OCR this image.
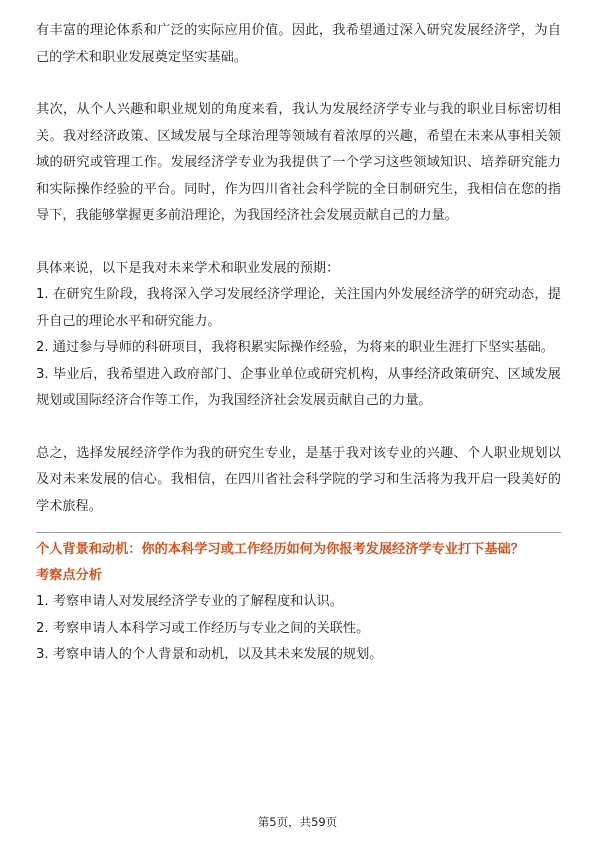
有丰富的理论体系和广泛的实际应用价值。因此，我希望通过深入研究发展经济学，为自己的学术和职业发展奠定坚实基础。

其次，从个人兴趣和职业规划的角度来看，我认为发展经济学专业与我的职业目标密切相关。我对经济政策、区域发展与全球治理等领域有着浓厚的兴趣，希望在未来从事相关领域的研究或管理工作。发展经济学专业为我提供了一个学习这些领域知识、培养研究能力和实际操作经验的平台。同时，作为四川省社会科学院的全日制研究生，我相信在您的指导下，我能够掌握更多前沿理论，为我国经济社会发展贡献自己的力量。

具体来说，以下是我对未来学术和职业发展的预期：

1. 在研究生阶段，我将深入学习发展经济学理论，关注国内外发展经济学的研究动态，提升自己的理论水平和研究能力。

2. 通过参与导师的科研项目，我将积累实际操作经验，为将来的职业生涯打下坚实基础。

3. 毕业后，我希望进入政府部门、企事业单位或研究机构，从事经济政策研究、区域发展规划或国际经济合作等工作，为我国经济社会发展贡献自己的力量。

总之，选择发展经济学作为我的研究生专业，是基于我对该专业的兴趣、个人职业规划以及对未来发展的信心。我相信，在四川省社会科学院的学习和生活将为我开启一段美好的学术旅程。

个人背景和动机：你的本科学习或工作经历如何为你报考发展经济学专业打下基础？

考察点分析

1. 考察申请人对发展经济学专业的了解程度和认识。

2. 考察申请人本科学习或工作经历与专业之间的关联性。

3. 考察申请人的个人背景和动机，以及其未来发展的规划。

第5页，共59页
